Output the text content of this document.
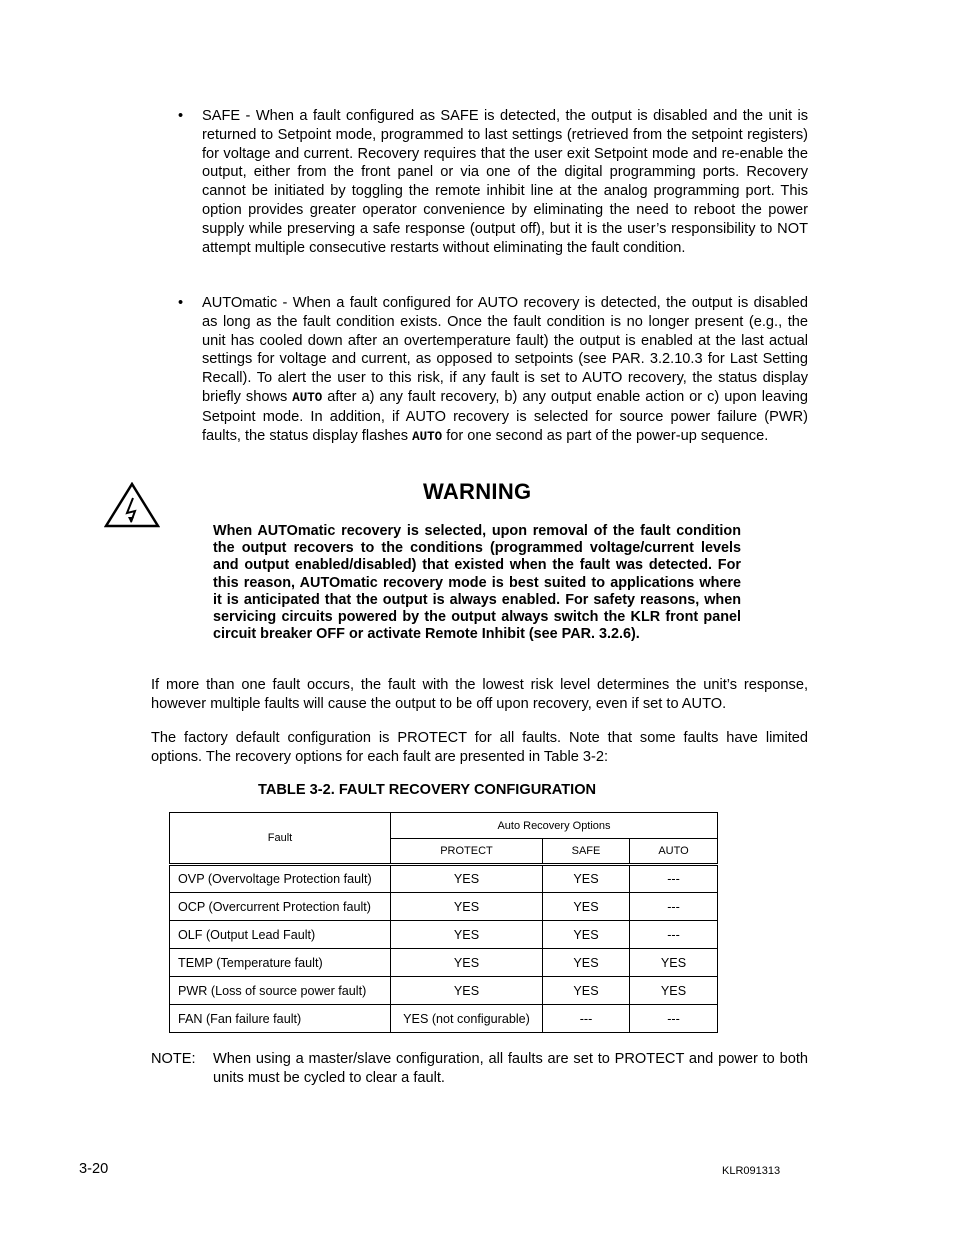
• SAFE - When a fault configured as SAFE is detected, the output is disabled and the unit is returned to Setpoint mode, programmed to last settings (retrieved from the setpoint registers) for voltage and current. Recovery requires that the user exit Setpoint mode and re-enable the output, either from the front panel or via one of the digital programming ports. Recovery cannot be initiated by toggling the remote inhibit line at the analog programming port. This option provides greater operator convenience by eliminating the need to reboot the power supply while preserving a safe response (output off), but it is the user’s responsibility to NOT attempt multiple consecutive restarts without eliminating the fault condition.
• AUTOmatic - When a fault configured for AUTO recovery is detected, the output is disabled as long as the fault condition exists. Once the fault condition is no longer present (e.g., the unit has cooled down after an overtemperature fault) the output is enabled at the last actual settings for voltage and current, as opposed to setpoints (see PAR. 3.2.10.3 for Last Setting Recall). To alert the user to this risk, if any fault is set to AUTO recovery, the status display briefly shows AUTO after a) any fault recovery, b) any output enable action or c) upon leaving Setpoint mode. In addition, if AUTO recovery is selected for source power failure (PWR) faults, the status display flashes AUTO for one second as part of the power-up sequence.
WARNING
When AUTOmatic recovery is selected, upon removal of the fault condition the output recovers to the conditions (programmed voltage/current levels and output enabled/disabled) that existed when the fault was detected. For this reason, AUTOmatic recovery mode is best suited to applications where it is anticipated that the output is always enabled. For safety reasons, when servicing circuits powered by the output always switch the KLR front panel circuit breaker OFF or activate Remote Inhibit (see PAR. 3.2.6).
If more than one fault occurs, the fault with the lowest risk level determines the unit’s response, however multiple faults will cause the output to be off upon recovery, even if set to AUTO.
The factory default configuration is PROTECT for all faults. Note that some faults have limited options. The recovery options for each fault are presented in Table 3-2:
TABLE 3-2. FAULT RECOVERY CONFIGURATION
Fault	Auto Recovery Options		
	PROTECT	SAFE	AUTO
OVP (Overvoltage Protection fault)	YES	YES	---
OCP (Overcurrent Protection fault)	YES	YES	---
OLF (Output Lead Fault)	YES	YES	---
TEMP (Temperature fault)	YES	YES	YES
PWR (Loss of source power fault)	YES	YES	YES
FAN (Fan failure fault)	YES (not configurable)	---	---
NOTE: When using a master/slave configuration, all faults are set to PROTECT and power to both units must be cycled to clear a fault.
3-20	KLR091313
